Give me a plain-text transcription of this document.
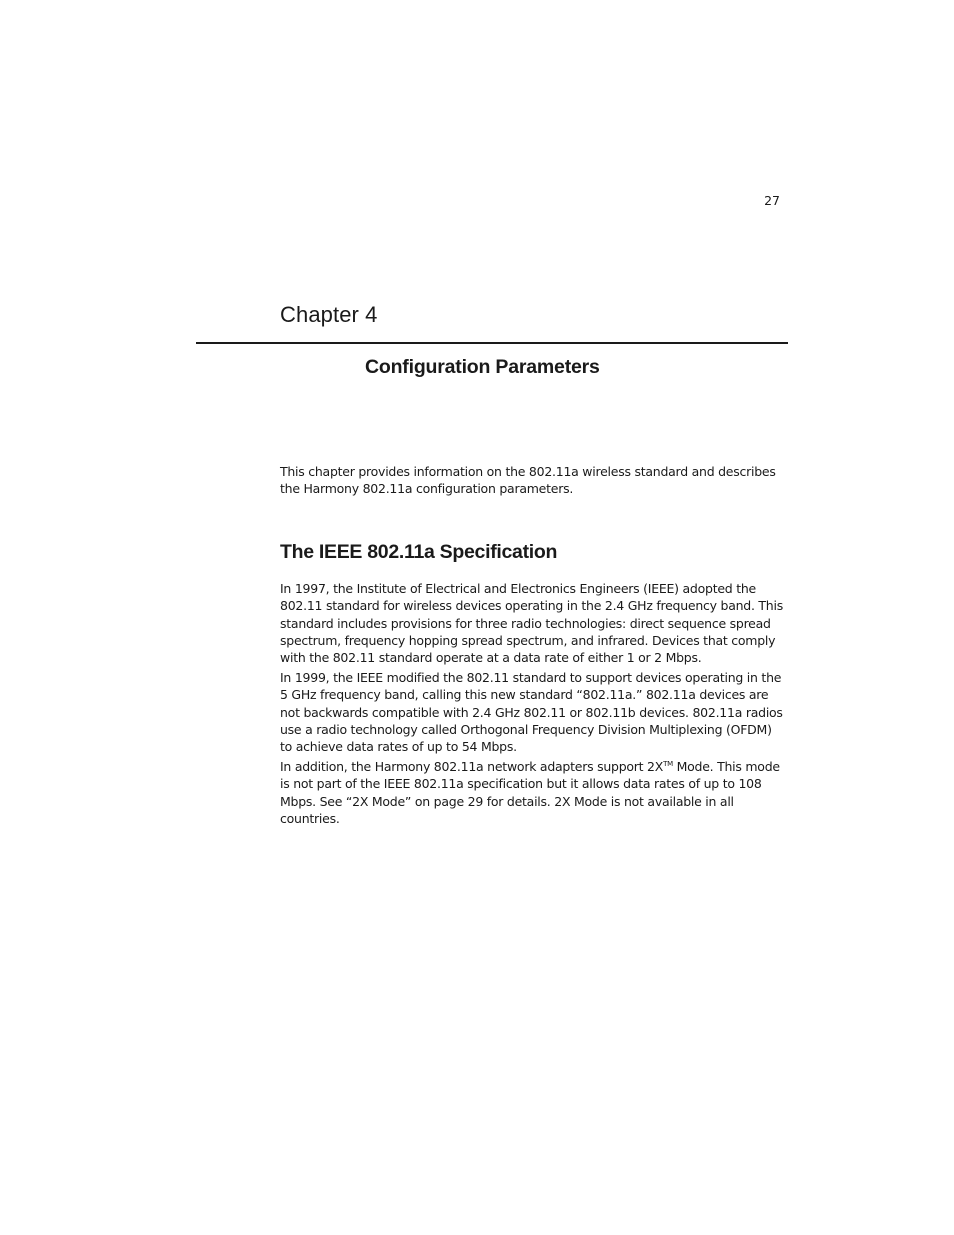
27
Chapter 4
Configuration Parameters

This chapter provides information on the 802.11a wireless standard and describes the Harmony 802.11a configuration parameters.

The IEEE 802.11a Specification

In 1997, the Institute of Electrical and Electronics Engineers (IEEE) adopted the 802.11 standard for wireless devices operating in the 2.4 GHz frequency band. This standard includes provisions for three radio technologies: direct sequence spread spectrum, frequency hopping spread spectrum, and infrared. Devices that comply with the 802.11 standard operate at a data rate of either 1 or 2 Mbps.

In 1999, the IEEE modified the 802.11 standard to support devices operating in the 5 GHz frequency band, calling this new standard “802.11a.” 802.11a devices are not backwards compatible with 2.4 GHz 802.11 or 802.11b devices. 802.11a radios use a radio technology called Orthogonal Frequency Division Multiplexing (OFDM) to achieve data rates of up to 54 Mbps.

In addition, the Harmony 802.11a network adapters support 2X™ Mode. This mode is not part of the IEEE 802.11a specification but it allows data rates of up to 108 Mbps. See “2X Mode” on page 29 for details. 2X Mode is not available in all countries.
